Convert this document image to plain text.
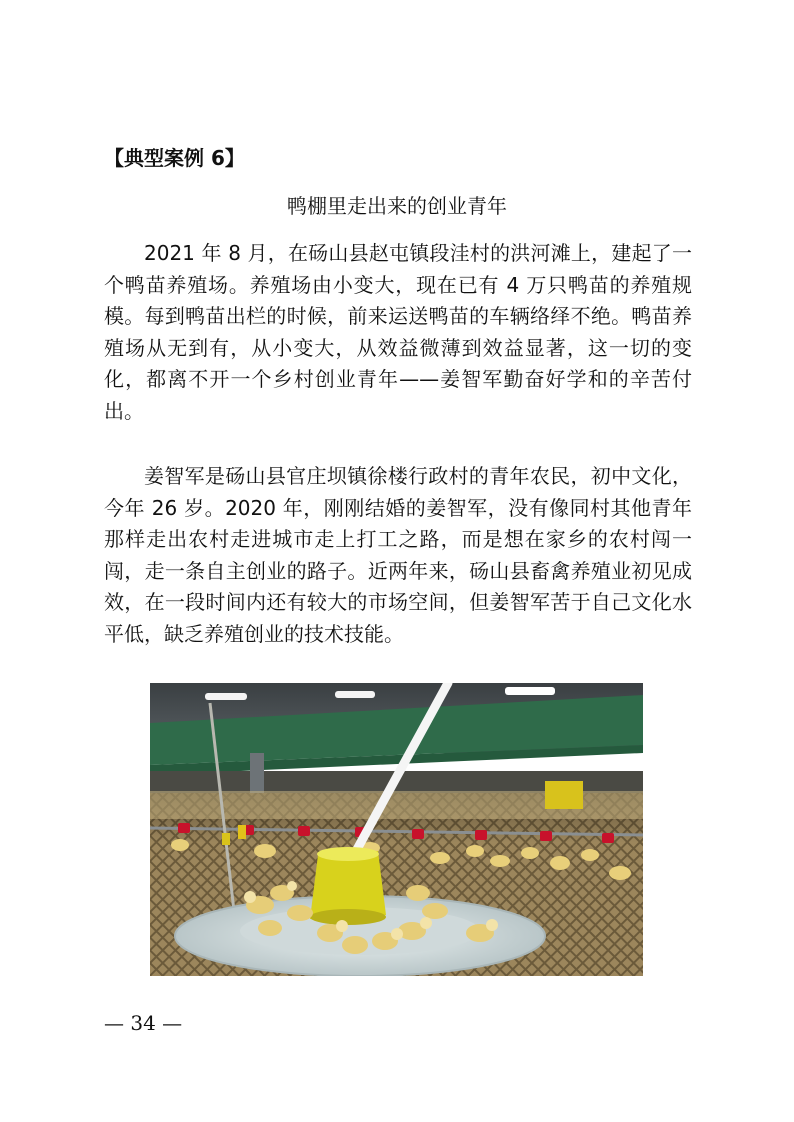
【典型案例 6】
鸭棚里走出来的创业青年

2021 年 8 月，在砀山县赵屯镇段洼村的洪河滩上，建起了一个鸭苗养殖场。养殖场由小变大，现在已有 4 万只鸭苗的养殖规模。每到鸭苗出栏的时候，前来运送鸭苗的车辆络绎不绝。鸭苗养殖场从无到有，从小变大，从效益微薄到效益显著，这一切的变化，都离不开一个乡村创业青年——姜智军勤奋好学和的辛苦付出。

姜智军是砀山县官庄坝镇徐楼行政村的青年农民，初中文化，今年 26 岁。2020 年，刚刚结婚的姜智军，没有像同村其他青年那样走出农村走进城市走上打工之路，而是想在家乡的农村闯一闯，走一条自主创业的路子。近两年来，砀山县畜禽养殖业初见成效，在一段时间内还有较大的市场空间，但姜智军苦于自己文化水平低，缺乏养殖创业的技术技能。

— 34 —
